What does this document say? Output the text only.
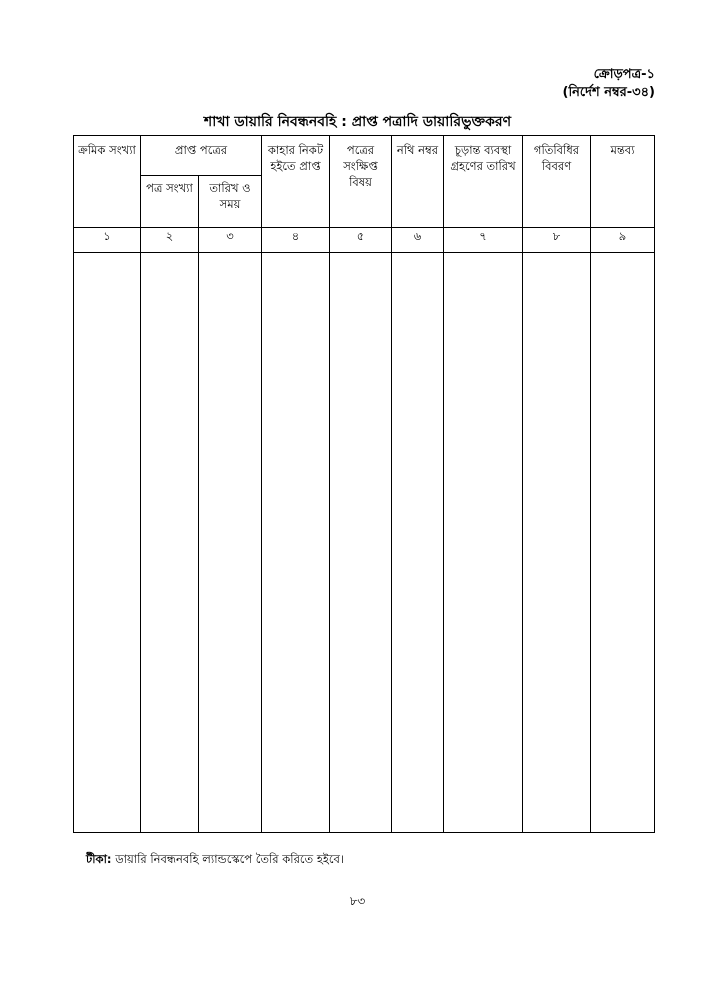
ক্রোড়পত্র-১
(নির্দেশ নম্বর-৩৪)
শাখা ডায়ারি নিবন্ধনবহি : প্রাপ্ত পত্রাদি ডায়ারিভুক্তকরণ
ক্রমিক সংখ্যা	প্রাপ্ত পত্রের		কাহার নিকট হইতে প্রাপ্ত	পত্রের সংক্ষিপ্ত বিষয়	নথি নম্বর	চূড়ান্ত ব্যবস্থা গ্রহণের তারিখ	গতিবিধির বিবরণ	মন্তব্য
	পত্র সংখ্যা	তারিখ ও সময়						
১	২	৩	৪	৫	৬	৭	৮	৯

টীকা: ডায়ারি নিবন্ধনবহি ল্যান্ডস্কেপে তৈরি করিতে হইবে।
৮৩
